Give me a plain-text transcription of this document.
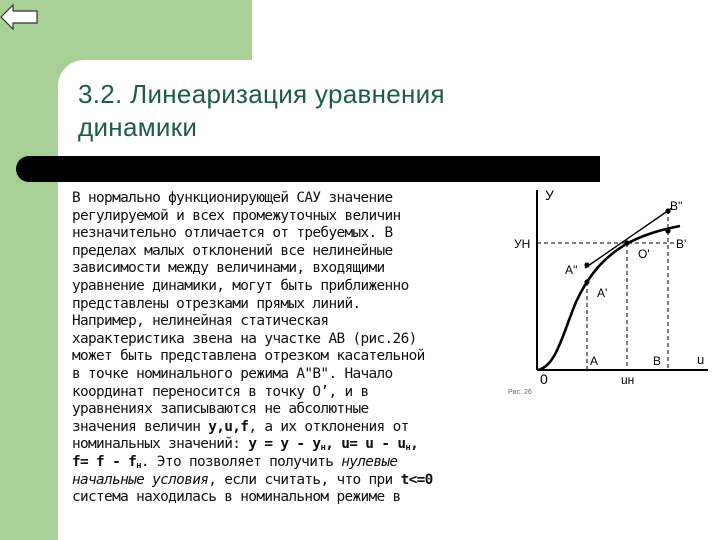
3.2. Линеаризация уравнения
динамики
В нормально функционирующей САУ значение
регулируемой и всех промежуточных величин
незначительно отличается от требуемых. В
пределах малых отклонений все нелинейные
зависимости между величинами, входящими
уравнение динамики, могут быть приближенно
представлены отрезками прямых линий.
Например, нелинейная статическая
характеристика звена на участке АВ (рис.26)
может быть представлена отрезком касательной
в точке номинального режима А"В". Начало
координат переносится в точку О’, и в
уравнениях записываются не абсолютные
значения величин y,u,f, а их отклонения от
номинальных значений: $y = y - y_н$, $u= u - u_н$,
$f= f - f_н$. Это позволяет получить нулевые
начальные условия, если считать, что при t<=0
система находилась в номинальном режиме в
У
u
0
УН
uн
А	В
А'
А''
В'
В''
О'
Рис. 26
